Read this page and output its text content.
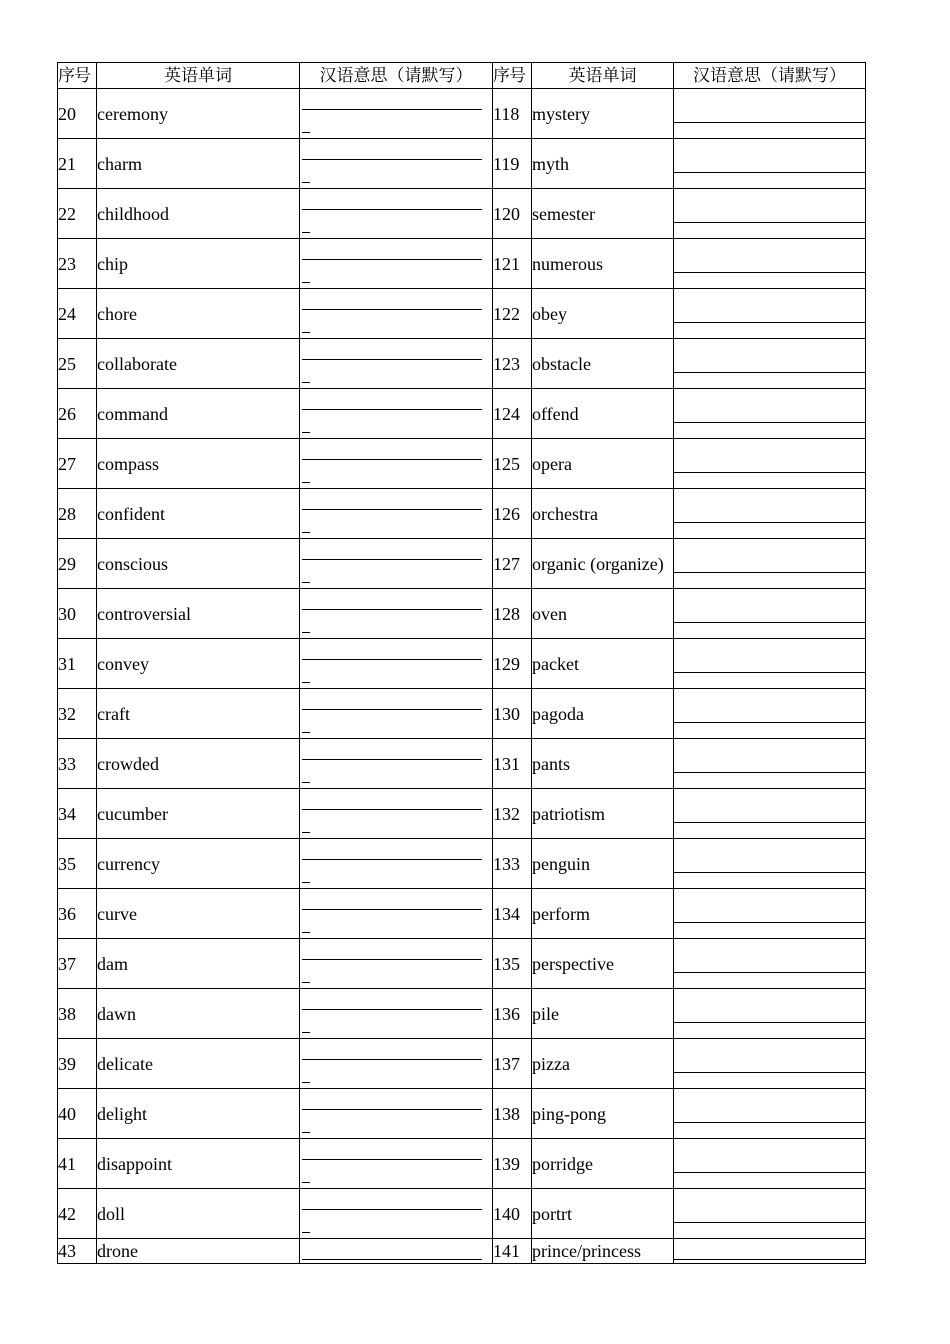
序号	英语单词	汉语意思（请默写）	序号	英语单词	汉语意思（请默写）
20	ceremony		118	mystery	

21	charm		119	myth	

22	childhood		120	semester	

23	chip		121	numerous	

24	chore		122	obey	

25	collaborate		123	obstacle	

26	command		124	offend	

27	compass		125	opera	

28	confident		126	orchestra	

29	conscious		127	organic (organize)	

30	controversial		128	oven	

31	convey		129	packet	

32	craft		130	pagoda	

33	crowded		131	pants	

34	cucumber		132	patriotism	

35	currency		133	penguin	

36	curve		134	perform	

37	dam		135	perspective	

38	dawn		136	pile	

39	delicate		137	pizza	

40	delight		138	ping-pong	

41	disappoint		139	porridge	

42	doll		140	portrt	

43	drone		141	prince/princess	
